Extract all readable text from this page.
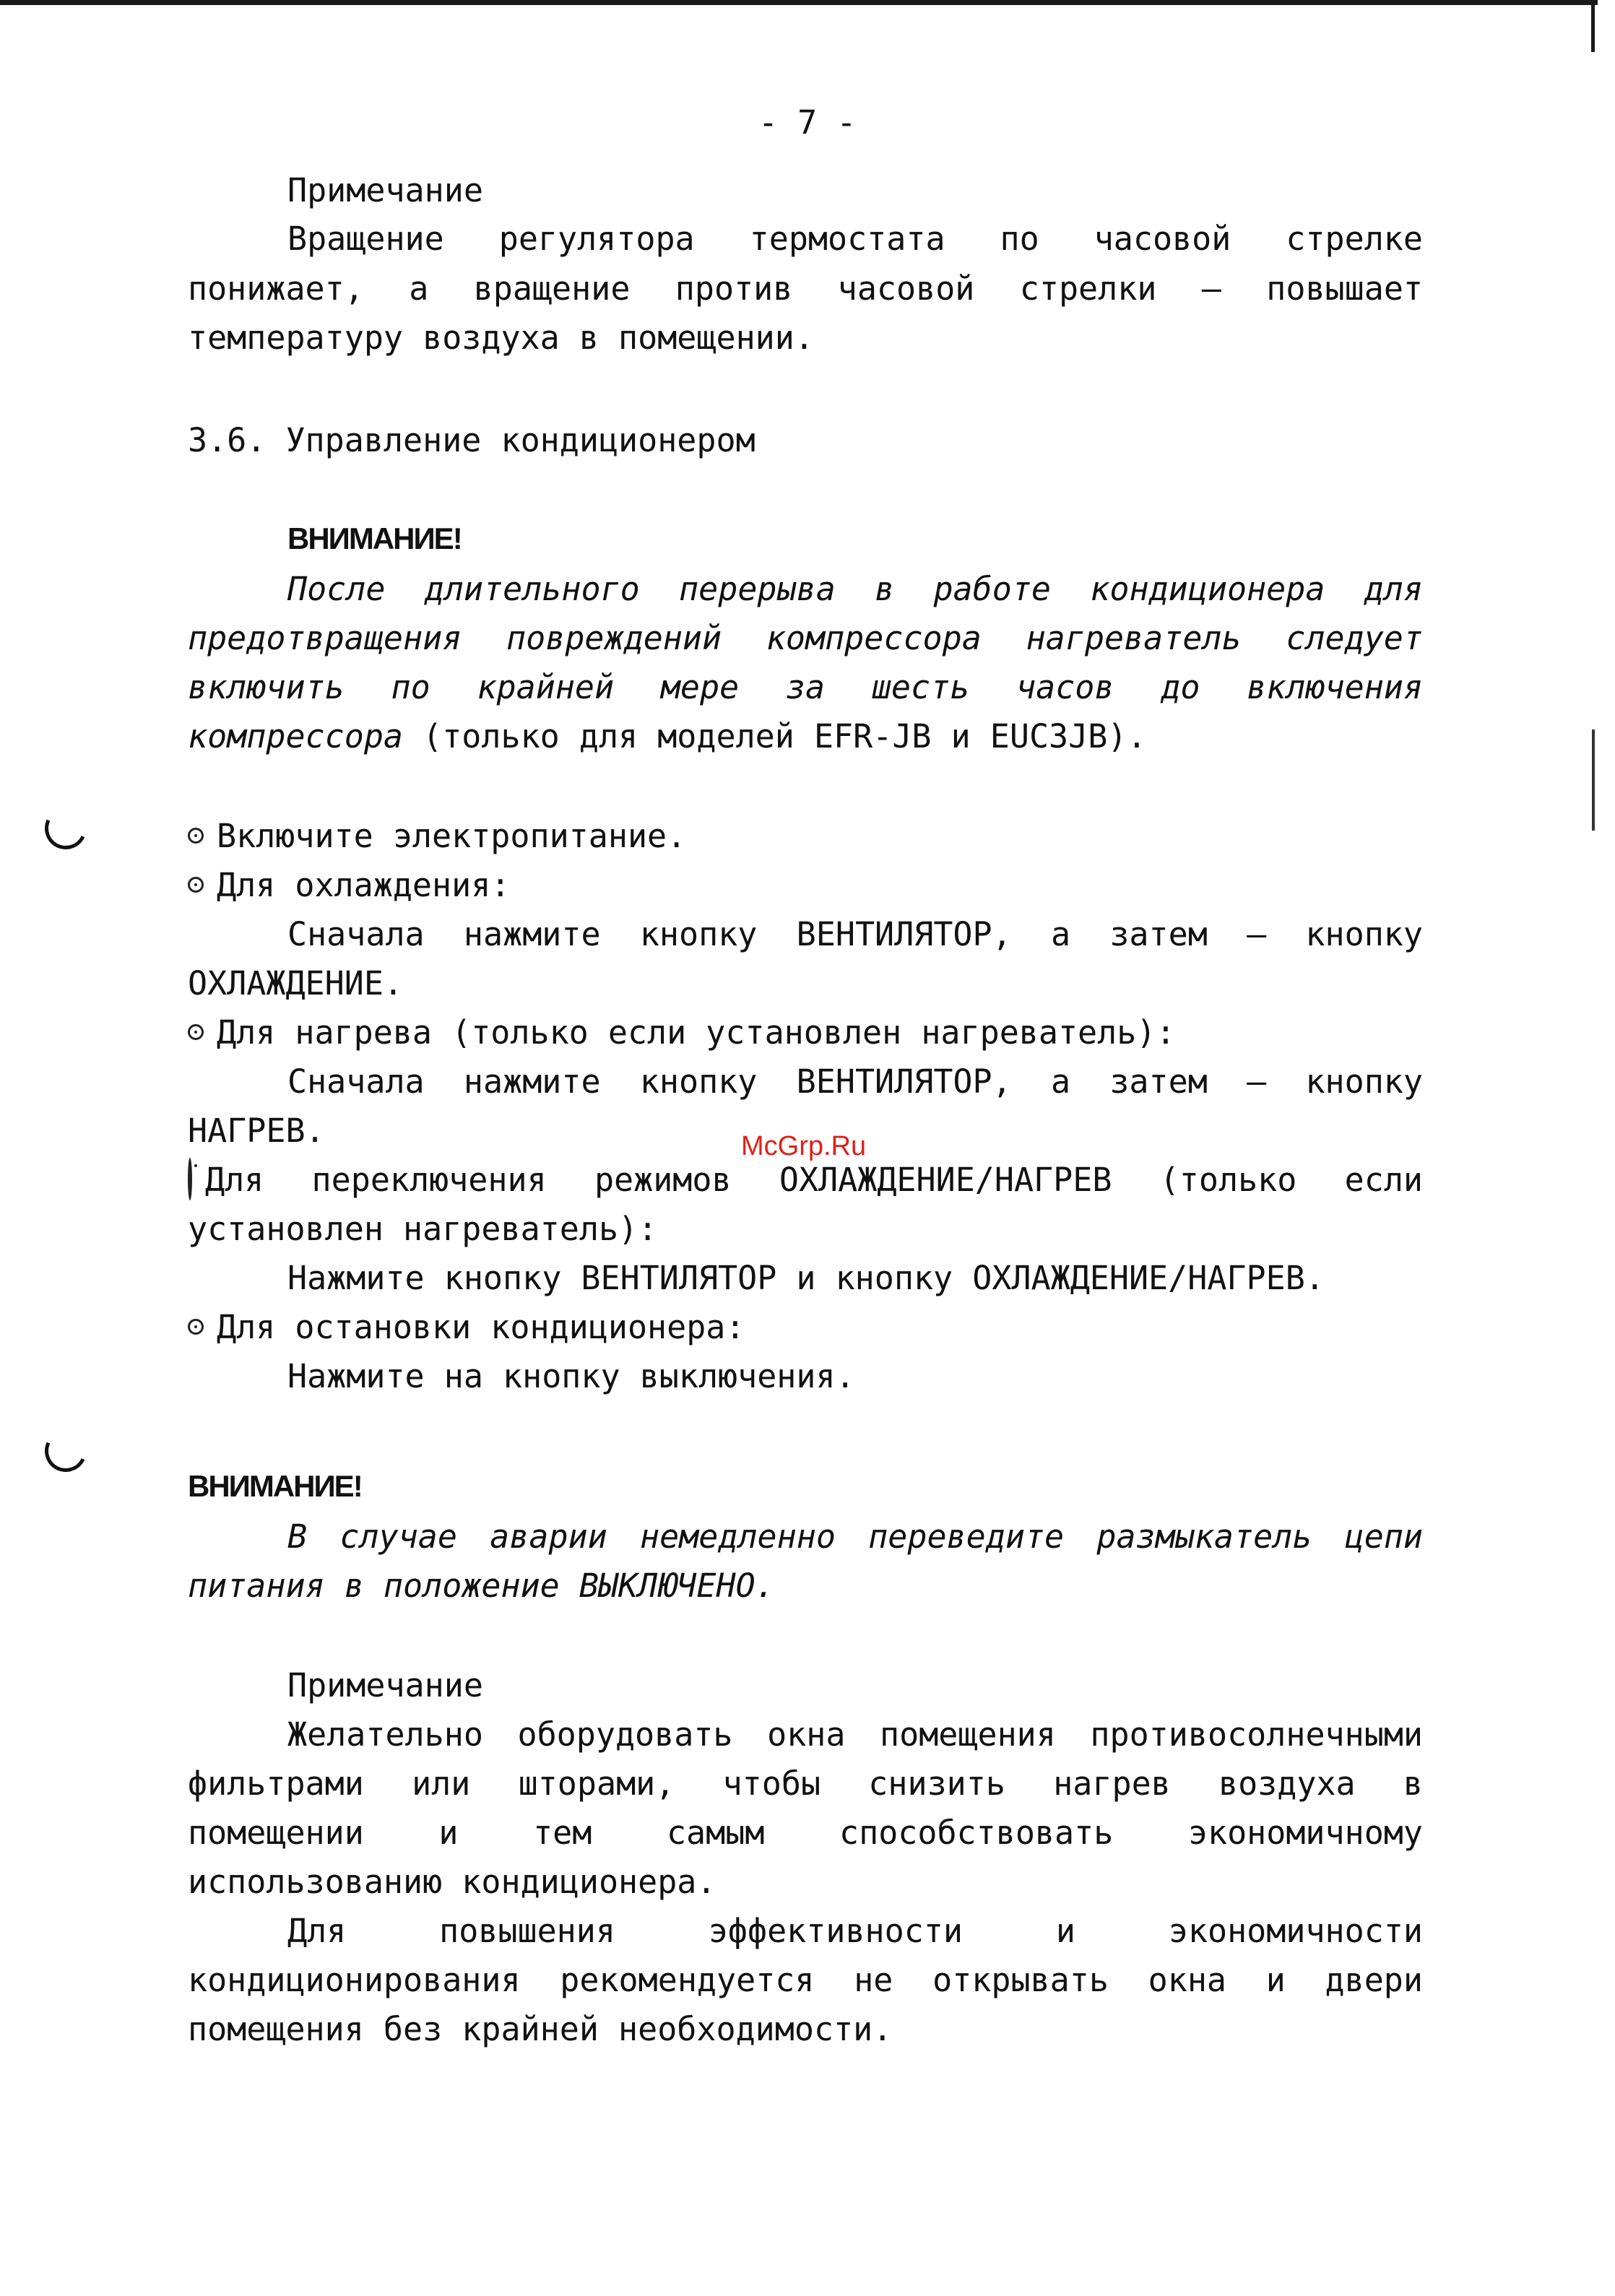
- 7 -

Примечание

Вращение регулятора термостата по часовой стрелке

понижает, а вращение против часовой стрелки – повышает

температуру воздуха в помещении.

3.6. Управление кондиционером

ВНИМАНИЕ!

После длительного перерыва в работе кондиционера для

предотвращения повреждений компрессора нагреватель следует

включить по крайней мере за шесть часов до включения

компрессора (только для моделей EFR-JB и EUC3JB).

Включите электропитание.

Для охлаждения:

Сначала нажмите кнопку ВЕНТИЛЯТОР, а затем – кнопку

ОХЛАЖДЕНИЕ.

Для нагрева (только если установлен нагреватель):

Сначала нажмите кнопку ВЕНТИЛЯТОР, а затем – кнопку

НАГРЕВ.	McGrp.Ru

Для переключения режимов ОХЛАЖДЕНИЕ/НАГРЕВ (только если

установлен нагреватель):

Нажмите кнопку ВЕНТИЛЯТОР и кнопку ОХЛАЖДЕНИЕ/НАГРЕВ.

Для остановки кондиционера:

Нажмите на кнопку выключения.

ВНИМАНИЕ!

В случае аварии немедленно переведите размыкатель цепи

питания в положение ВЫКЛЮЧЕНО.

Примечание

Желательно оборудовать окна помещения противосолнечными

фильтрами или шторами, чтобы снизить нагрев воздуха в

помещении и тем самым способствовать экономичному

использованию кондиционера.

Для повышения эффективности и экономичности

кондиционирования рекомендуется не открывать окна и двери

помещения без крайней необходимости.
